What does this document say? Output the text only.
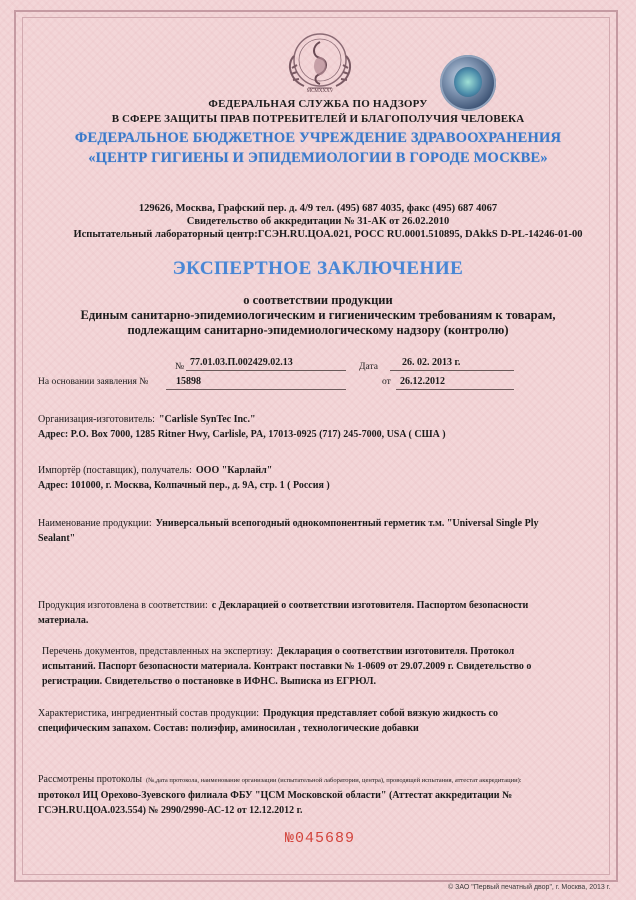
MCMXXXV
ФЕДЕРАЛЬНАЯ СЛУЖБА ПО НАДЗОРУ
В СФЕРЕ ЗАЩИТЫ ПРАВ ПОТРЕБИТЕЛЕЙ И БЛАГОПОЛУЧИЯ ЧЕЛОВЕКА
ФЕДЕРАЛЬНОЕ БЮДЖЕТНОЕ УЧРЕЖДЕНИЕ ЗДРАВООХРАНЕНИЯ
«ЦЕНТР ГИГИЕНЫ И ЭПИДЕМИОЛОГИИ В ГОРОДЕ МОСКВЕ»
129626, Москва, Графский пер. д. 4/9 тел. (495) 687 4035, факс (495) 687 4067
Свидетельство об аккредитации № 31-АК от 26.02.2010
Испытательный лабораторный центр:ГСЭН.RU.ЦОА.021, РОСС RU.0001.510895, DAkkS D-PL-14246-01-00
ЭКСПЕРТНОЕ ЗАКЛЮЧЕНИЕ
о соответствии продукции
Единым санитарно-эпидемиологическим и гигиеническим требованиям к товарам,
подлежащим санитарно-эпидемиологическому надзору (контролю)
№ 77.01.03.П.002429.02.13	Дата 26. 02. 2013 г.
На основании заявления №	15898	от 26.12.2012
Организация-изготовитель: "Carlisle SynTec Inc."
Адрес: P.O. Box 7000, 1285 Ritner Hwy, Carlisle, PA, 17013-0925 (717) 245-7000, USA ( США )
Импортёр (поставщик), получатель: ООО "Карлайл"
Адрес: 101000, г. Москва, Колпачный пер., д. 9А, стр. 1 ( Россия )
Наименование продукции: Универсальный всепогодный однокомпонентный герметик т.м. "Universal Single Ply
Sealant"
Продукция изготовлена в соответствии: с Декларацией о соответствии изготовителя. Паспортом безопасности
материала.
Перечень документов, представленных на экспертизу: Декларация о соответствии изготовителя. Протокол
испытаний. Паспорт безопасности материала. Контракт поставки № 1-0609 от 29.07.2009 г. Свидетельство о
регистрации. Свидетельство о постановке в ИФНС. Выписка из ЕГРЮЛ.
Характеристика, ингредиентный состав продукции: Продукция представляет собой вязкую жидкость со
специфическим запахом. Состав: полиэфир, аминосилан , технологические добавки
Рассмотрены протоколы (№,дата протокола, наименование организации (испытательной лаборатории, центра), проводящей испытания, аттестат аккредитации):
протокол ИЦ Орехово-Зуевского филиала ФБУ "ЦСМ Московской области" (Аттестат аккредитации №
ГСЭН.RU.ЦОА.023.554) № 2990/2990-АС-12 от 12.12.2012 г.
№045689
© ЗАО "Первый печатный двор", г. Москва, 2013 г.
